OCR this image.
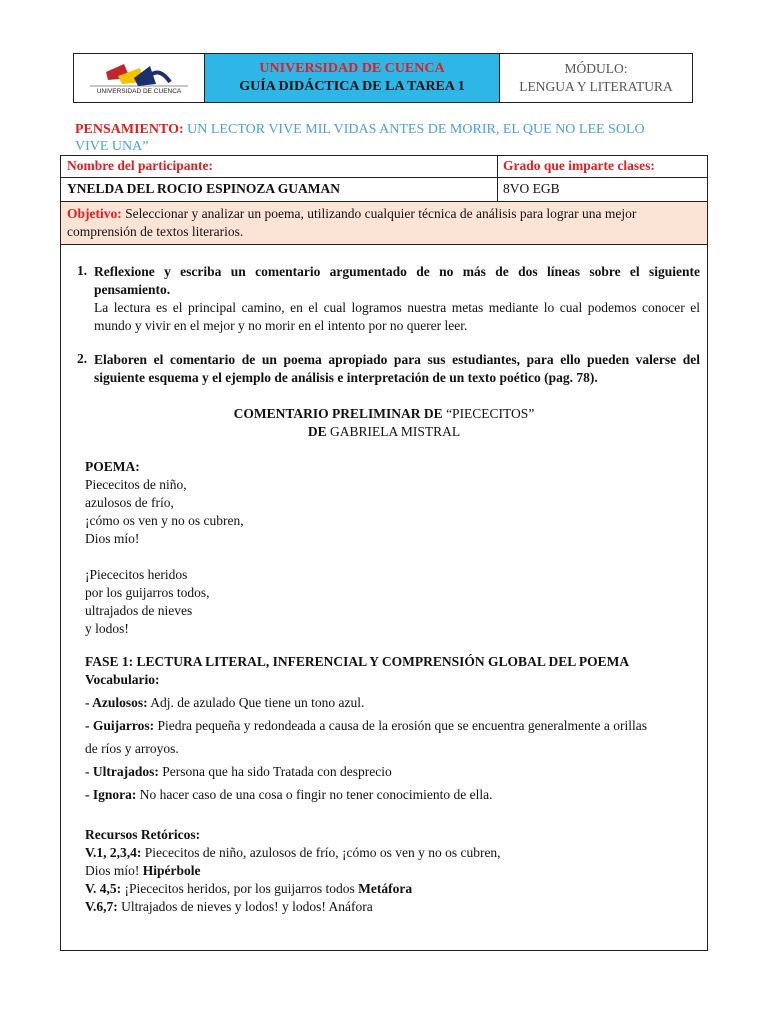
UNIVERSIDAD DE CUENCA
UNIVERSIDAD DE CUENCA
GUÍA DIDÁCTICA DE LA TAREA 1
MÓDULO:
LENGUA Y LITERATURA
PENSAMIENTO: UN LECTOR VIVE MIL VIDAS ANTES DE MORIR, EL QUE NO LEE SOLO
VIVE UNA”
Nombre del participante:	Grado que imparte clases:
YNELDA DEL ROCIO ESPINOZA GUAMAN	8VO EGB
Objetivo: Seleccionar y analizar un poema, utilizando cualquier técnica de análisis para lograr una mejor
comprensión de textos literarios.
1. Reflexione y escriba un comentario argumentado de no más de dos líneas sobre el siguiente
pensamiento.
La lectura es el principal camino, en el cual logramos nuestra metas mediante lo cual podemos conocer el
mundo y vivir en el mejor y no morir en el intento por no querer leer.
2. Elaboren el comentario de un poema apropiado para sus estudiantes, para ello pueden valerse del
siguiente esquema y el ejemplo de análisis e interpretación de un texto poético (pag. 78).
COMENTARIO PRELIMINAR DE “PIECECITOS”
DE GABRIELA MISTRAL
POEMA:
Piececitos de niño,
azulosos de frío,
¡cómo os ven y no os cubren,
Dios mío!
¡Piececitos heridos
por los guijarros todos,
ultrajados de nieves
y lodos!
FASE 1: LECTURA LITERAL, INFERENCIAL Y COMPRENSIÓN GLOBAL DEL POEMA
Vocabulario:
- Azulosos: Adj. de azulado Que tiene un tono azul.
- Guijarros: Piedra pequeña y redondeada a causa de la erosión que se encuentra generalmente a orillas
de ríos y arroyos.
- Ultrajados: Persona que ha sido Tratada con desprecio
- Ignora: No hacer caso de una cosa o fingir no tener conocimiento de ella.
Recursos Retóricos:
V.1, 2,3,4: Piececitos de niño, azulosos de frío, ¡cómo os ven y no os cubren,
Dios mío! Hipérbole
V. 4,5: ¡Piececitos heridos, por los guijarros todos Metáfora
V.6,7: Ultrajados de nieves y lodos! y lodos! Anáfora
